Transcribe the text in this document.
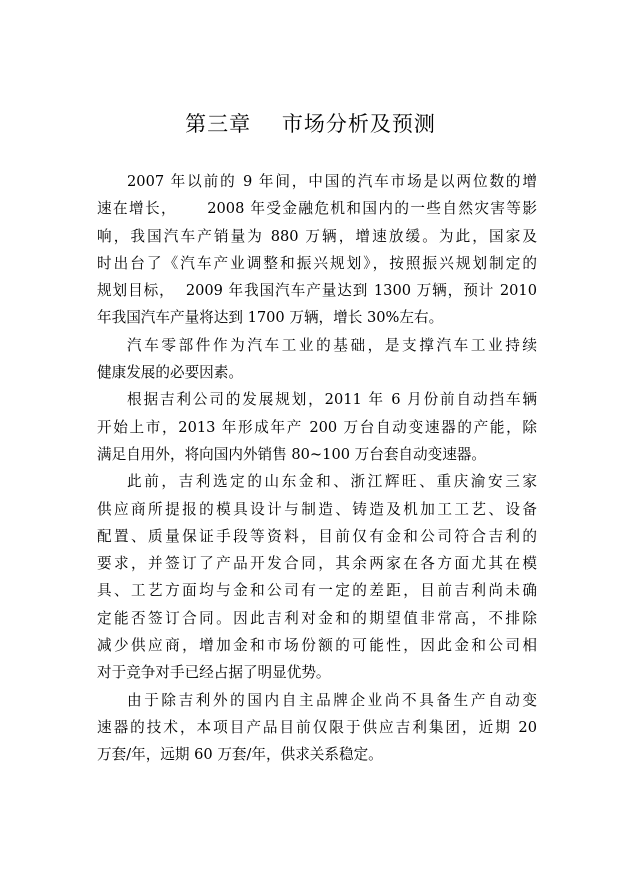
第三章    市场分析及预测
2007 年以前的 9 年间，中国的汽车市场是以两位数的增
速在增长，     2008 年受金融危机和国内的一些自然灾害等影
响，我国汽车产销量为 880 万辆，增速放缓。为此，国家及
时出台了《汽车产业调整和振兴规划》，按照振兴规划制定的
规划目标，  2009 年我国汽车产量达到 1300 万辆，预计 2010
年我国汽车产量将达到 1700 万辆，增长 30%左右。
汽车零部件作为汽车工业的基础，是支撑汽车工业持续
健康发展的必要因素。
根据吉利公司的发展规划，2011 年 6 月份前自动挡车辆
开始上市，2013 年形成年产 200 万台自动变速器的产能，除
满足自用外，将向国内外销售 80~100 万台套自动变速器。
此前，吉利选定的山东金和、浙江辉旺、重庆渝安三家
供应商所提报的模具设计与制造、铸造及机加工工艺、设备
配置、质量保证手段等资料，目前仅有金和公司符合吉利的
要求，并签订了产品开发合同，其余两家在各方面尤其在模
具、工艺方面均与金和公司有一定的差距，目前吉利尚未确
定能否签订合同。因此吉利对金和的期望值非常高，不排除
减少供应商，增加金和市场份额的可能性，因此金和公司相
对于竞争对手已经占据了明显优势。
由于除吉利外的国内自主品牌企业尚不具备生产自动变
速器的技术，本项目产品目前仅限于供应吉利集团，近期 20
万套/年，远期 60 万套/年，供求关系稳定。
